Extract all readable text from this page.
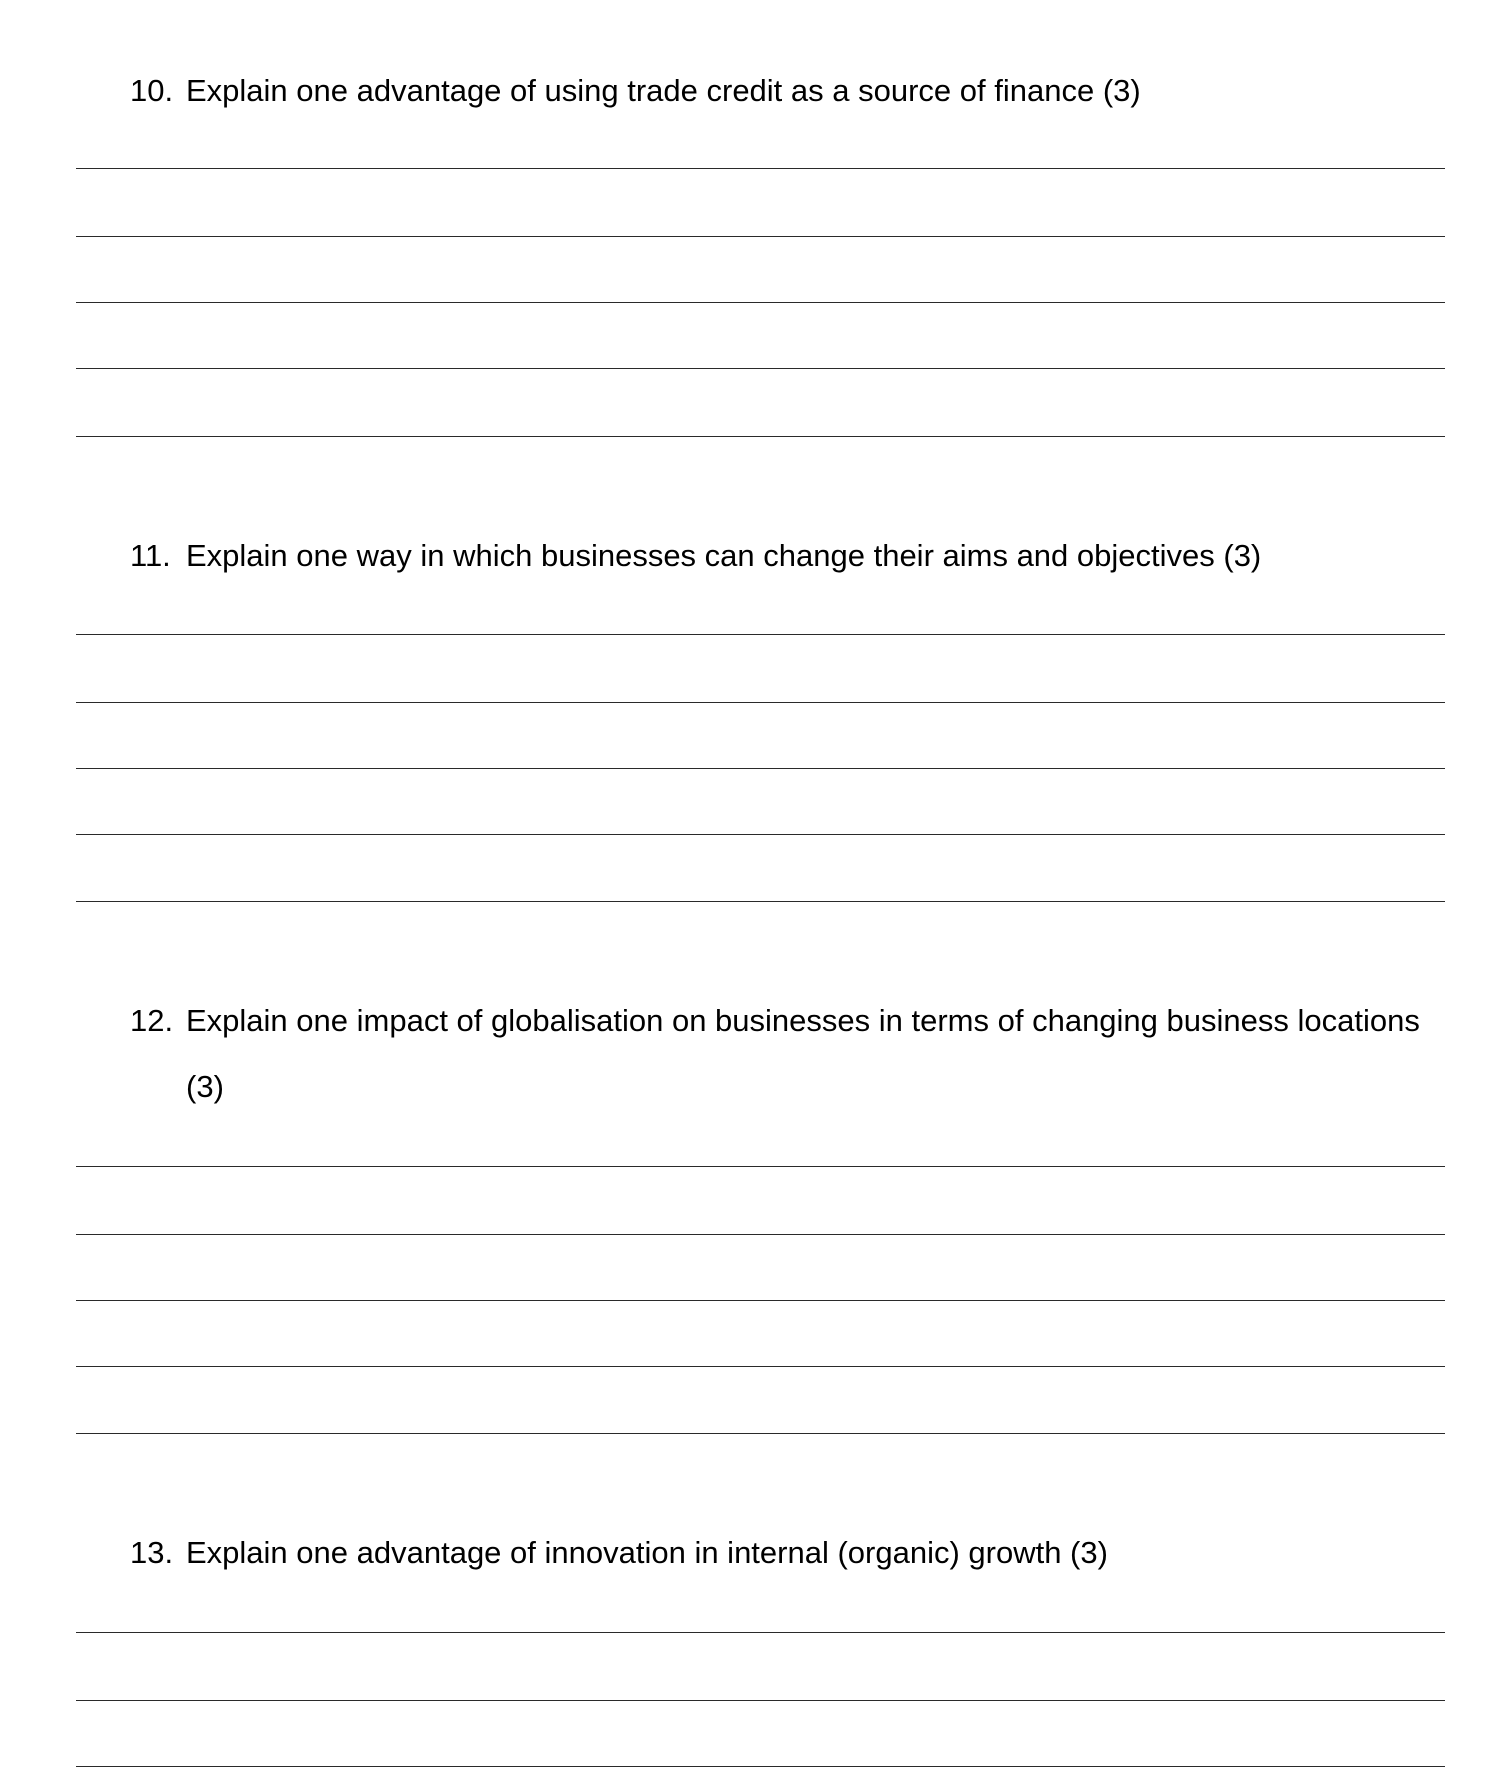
10. Explain one advantage of using trade credit as a source of finance (3)
11. Explain one way in which businesses can change their aims and objectives (3)
12. Explain one impact of globalisation on businesses in terms of changing business locations (3)
13. Explain one advantage of innovation in internal (organic) growth (3)
